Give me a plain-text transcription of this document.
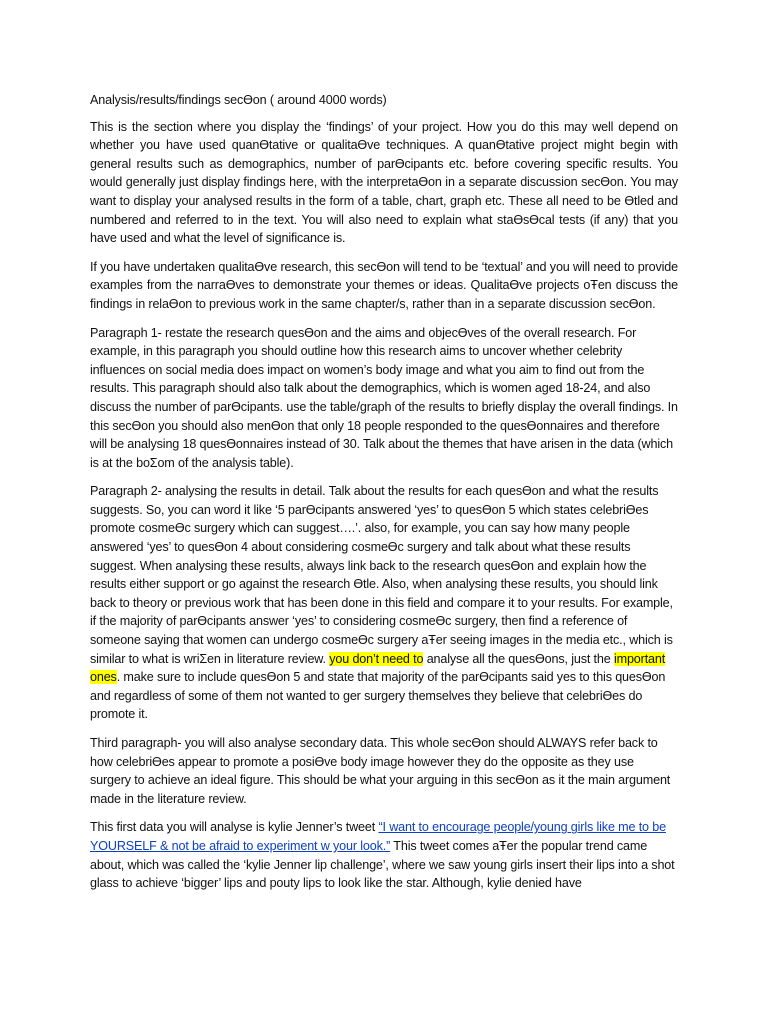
Analysis/results/findings secƟon ( around 4000 words)

This is the section where you display the ‘findings’ of your project. How you do this may well depend on whether you have used quanƟtative or qualitaƟve techniques. A quanƟtative project might begin with general results such as demographics, number of parƟcipants etc. before covering specific results. You would generally just display findings here, with the interpretaƟon in a separate discussion secƟon. You may want to display your analysed results in the form of a table, chart, graph etc. These all need to be Ɵtled and numbered and referred to in the text. You will also need to explain what staƟsƟcal tests (if any) that you have used and what the level of significance is.

If you have undertaken qualitaƟve research, this secƟon will tend to be ‘textual’ and you will need to provide examples from the narraƟves to demonstrate your themes or ideas. QualitaƟve projects oŦen discuss the findings in relaƟon to previous work in the same chapter/s, rather than in a separate discussion secƟon.

Paragraph 1- restate the research quesƟon and the aims and objecƟves of the overall research. For example, in this paragraph you should outline how this research aims to uncover whether celebrity influences on social media does impact on women’s body image and what you aim to find out from the results. This paragraph should also talk about the demographics, which is women aged 18-24, and also discuss the number of parƟcipants. use the table/graph of the results to briefly display the overall findings. In this secƟon you should also menƟon that only 18 people responded to the quesƟonnaires and therefore will be analysing 18 quesƟonnaires instead of 30. Talk about the themes that have arisen in the data (which is at the boƩom of the analysis table).

Paragraph 2- analysing the results in detail. Talk about the results for each quesƟon and what the results suggests. So, you can word it like ‘5 parƟcipants answered ‘yes’ to quesƟon 5 which states celebriƟes promote cosmeƟc surgery which can suggest….’. also, for example, you can say how many people answered ‘yes’ to quesƟon 4 about considering cosmeƟc surgery and talk about what these results suggest. When analysing these results, always link back to the research quesƟon and explain how the results either support or go against the research Ɵtle. Also, when analysing these results, you should link back to theory or previous work that has been done in this field and compare it to your results. For example, if the majority of parƟcipants answer ‘yes’ to considering cosmeƟc surgery, then find a reference of someone saying that women can undergo cosmeƟc surgery aŦer seeing images in the media etc., which is similar to what is wriƩen in literature review. you don’t need to analyse all the quesƟons, just the important ones. make sure to include quesƟon 5 and state that majority of the parƟcipants said yes to this quesƟon and regardless of some of them not wanted to ger surgery themselves they believe that celebriƟes do promote it.

Third paragraph- you will also analyse secondary data. This whole secƟon should ALWAYS refer back to how celebriƟes appear to promote a posiƟve body image however they do the opposite as they use surgery to achieve an ideal figure. This should be what your arguing in this secƟon as it the main argument made in the literature review.

This first data you will analyse is kylie Jenner’s tweet “I want to encourage people/young girls like me to be YOURSELF & not be afraid to experiment w your look.” This tweet comes aŦer the popular trend came about, which was called the ‘kylie Jenner lip challenge’, where we saw young girls insert their lips into a shot glass to achieve ‘bigger’ lips and pouty lips to look like the star. Although, kylie denied have
